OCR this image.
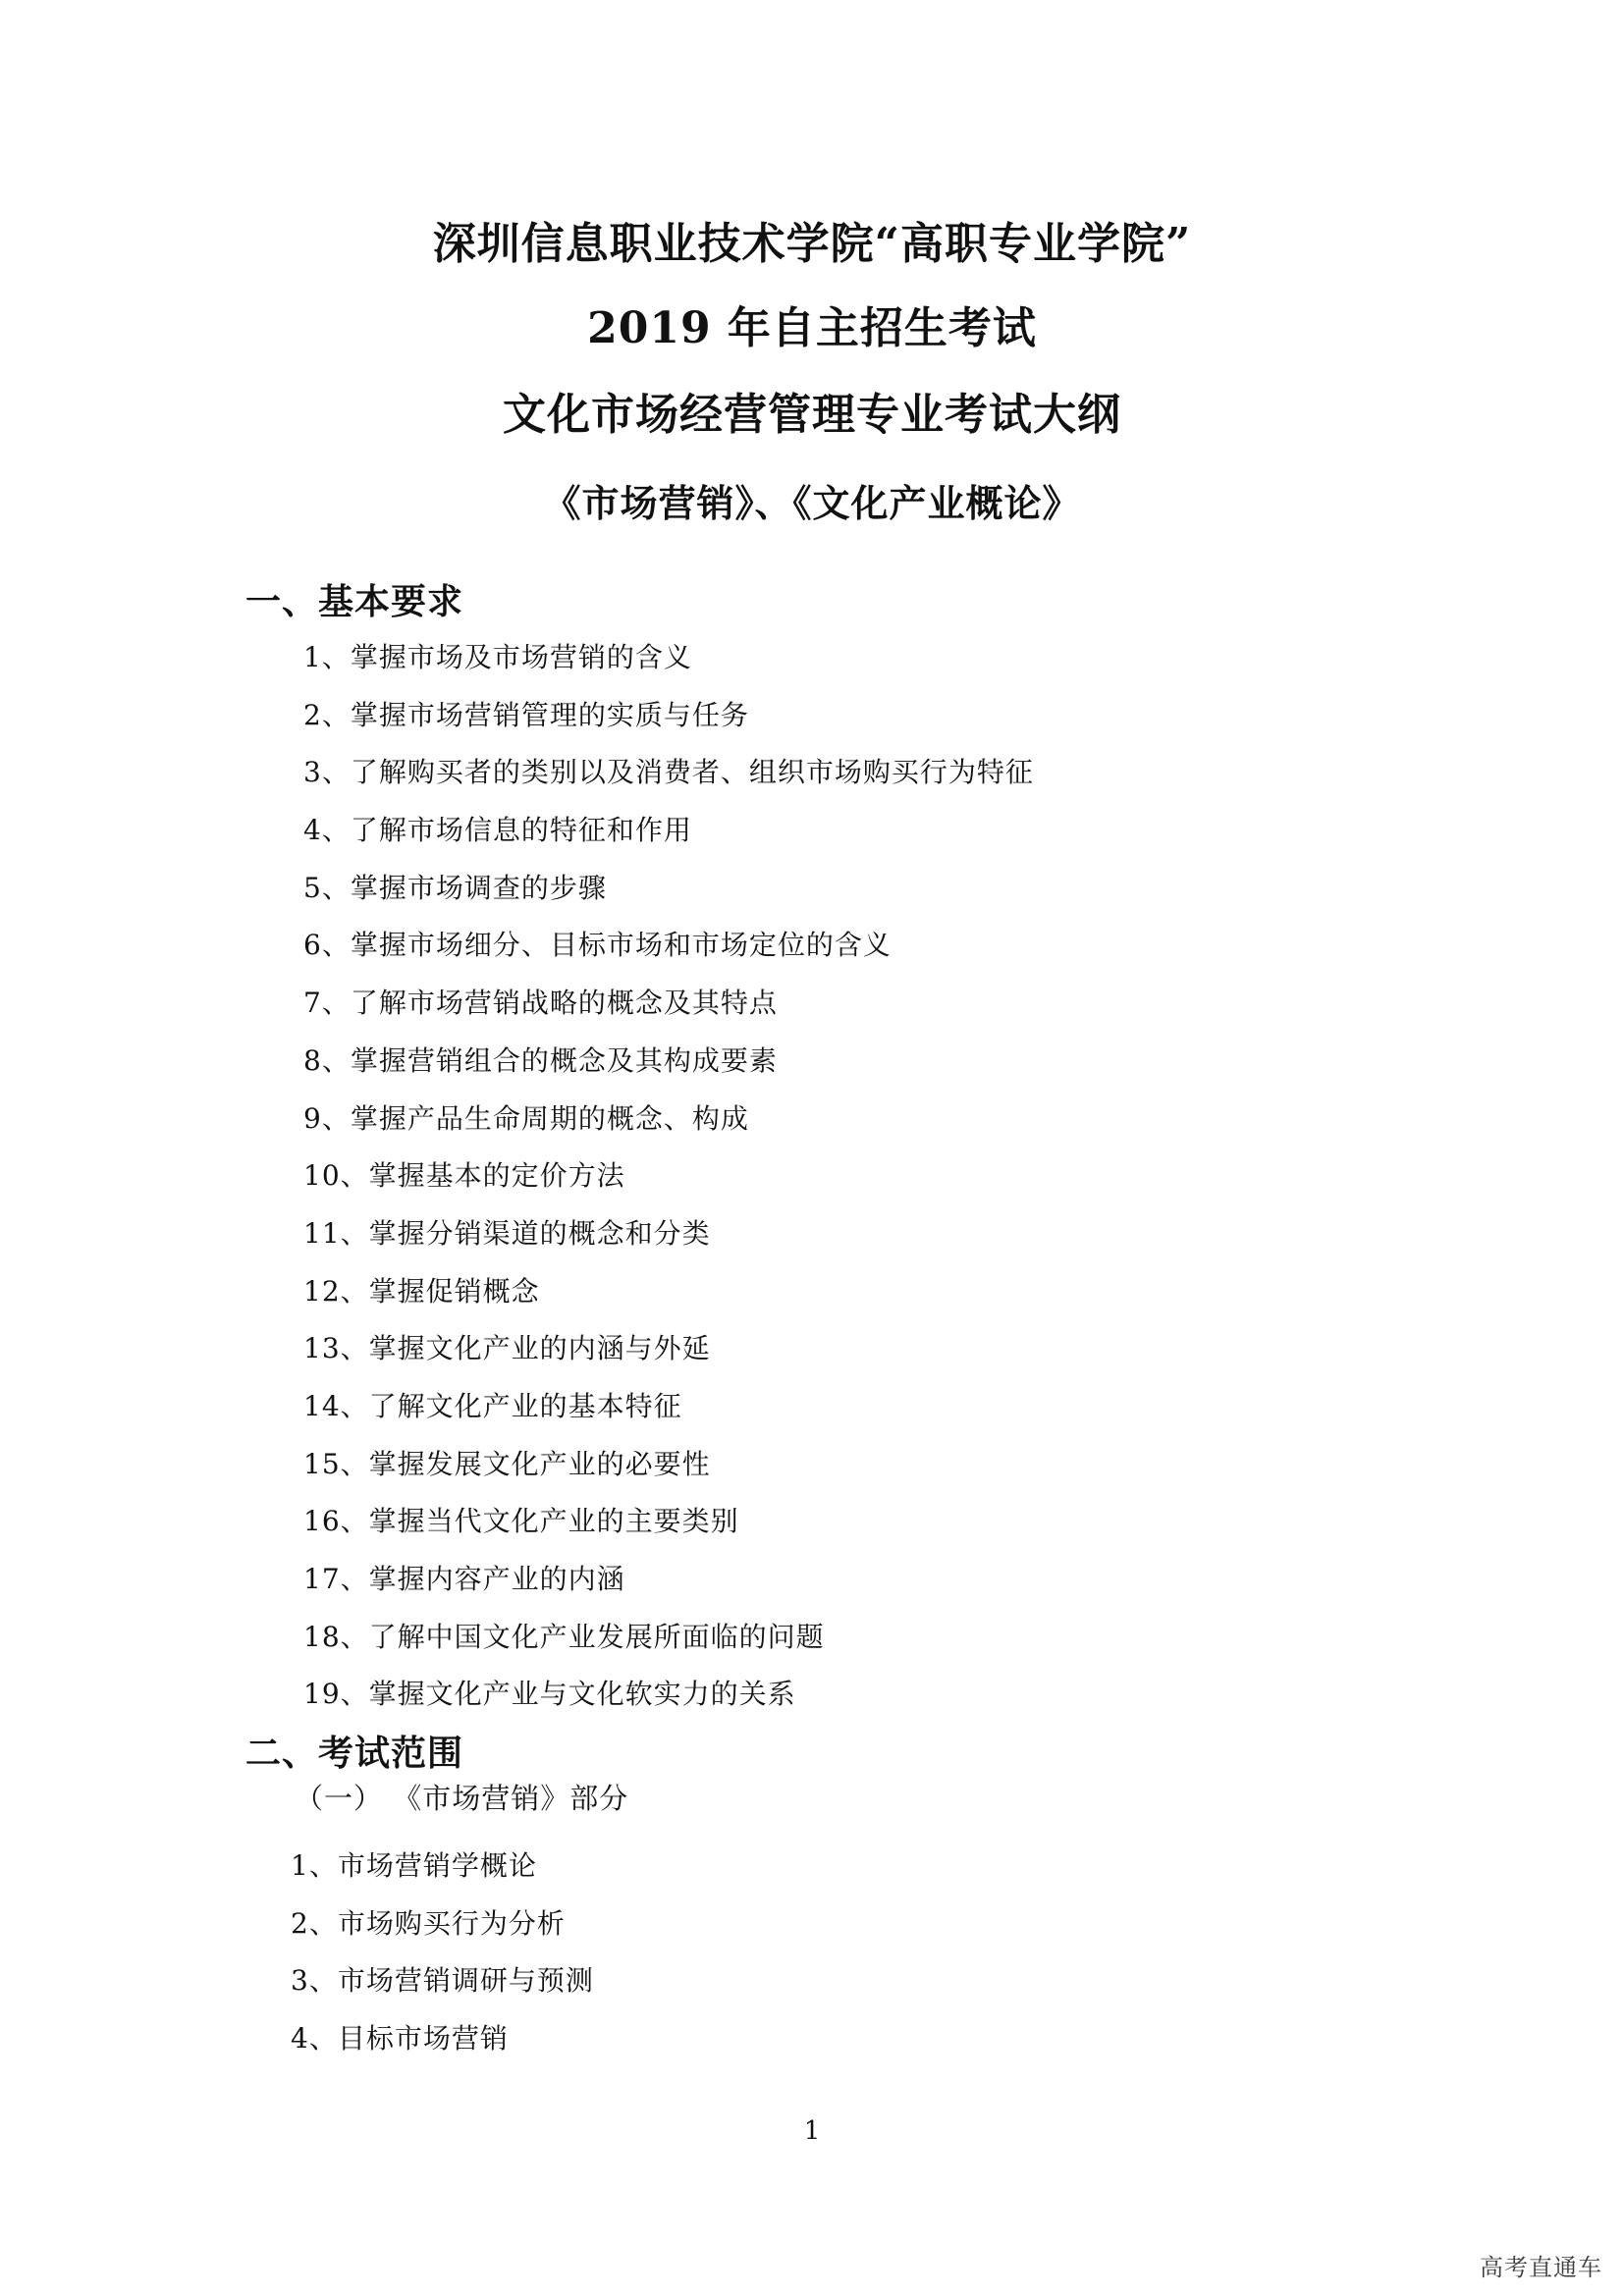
深圳信息职业技术学院“高职专业学院”
2019 年自主招生考试
文化市场经营管理专业考试大纲
《市场营销》、《文化产业概论》
一、基本要求
1、掌握市场及市场营销的含义
2、掌握市场营销管理的实质与任务
3、了解购买者的类别以及消费者、组织市场购买行为特征
4、了解市场信息的特征和作用
5、掌握市场调查的步骤
6、掌握市场细分、目标市场和市场定位的含义
7、了解市场营销战略的概念及其特点
8、掌握营销组合的概念及其构成要素
9、掌握产品生命周期的概念、构成
10、掌握基本的定价方法
11、掌握分销渠道的概念和分类
12、掌握促销概念
13、掌握文化产业的内涵与外延
14、了解文化产业的基本特征
15、掌握发展文化产业的必要性
16、掌握当代文化产业的主要类别
17、掌握内容产业的内涵
18、了解中国文化产业发展所面临的问题
19、掌握文化产业与文化软实力的关系
二、考试范围
（一） 《市场营销》部分
1、市场营销学概论
2、市场购买行为分析
3、市场营销调研与预测
4、目标市场营销
1
高考直通车
